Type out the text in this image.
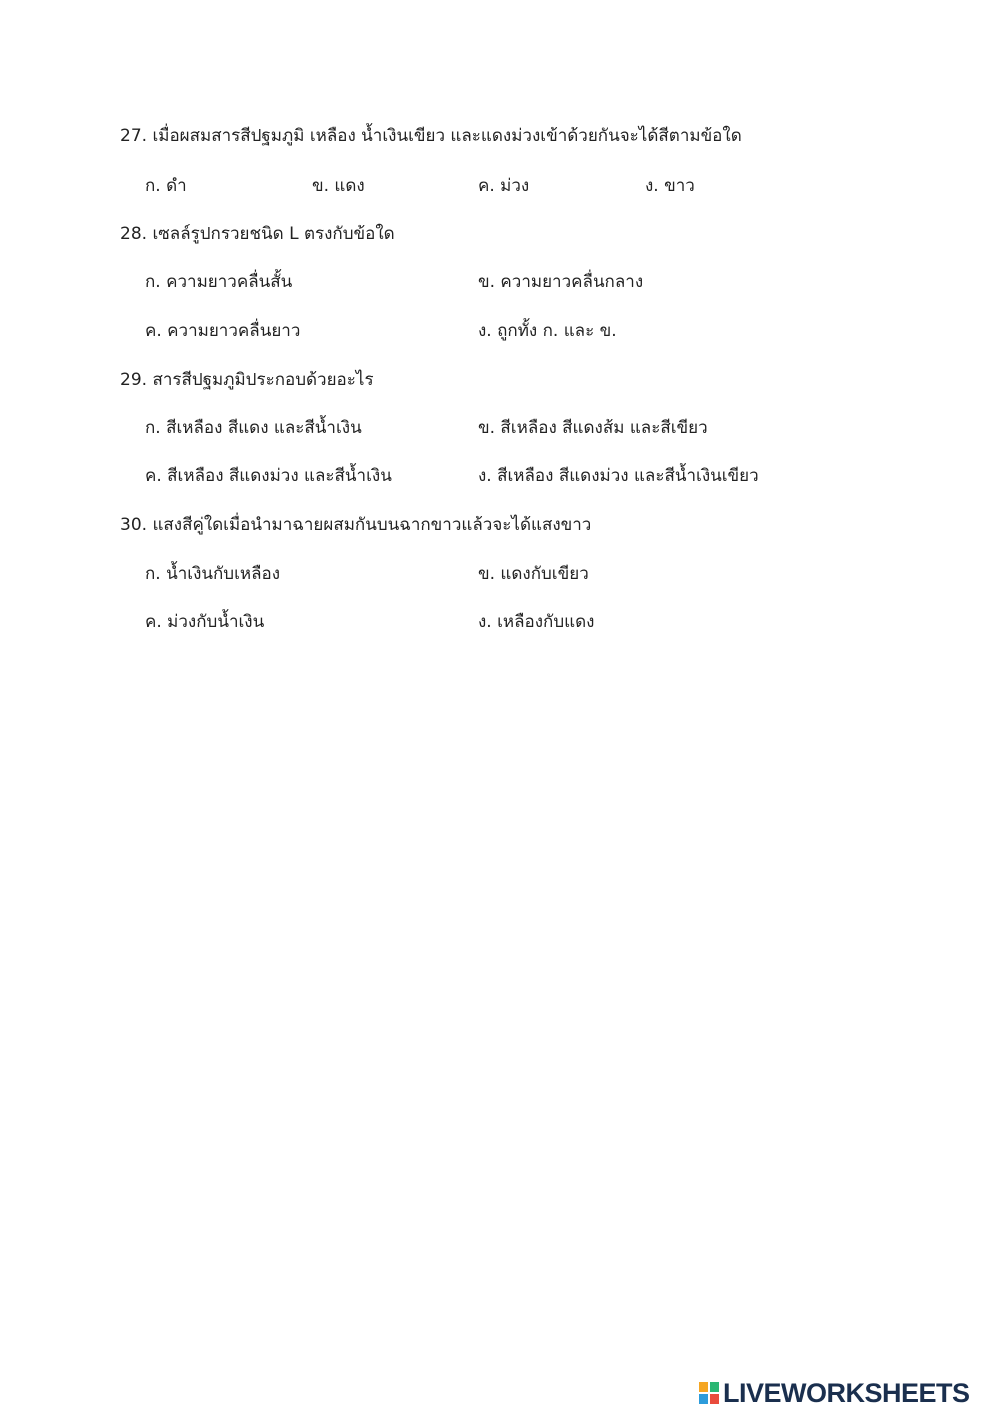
27. เมื่อผสมสารสีปฐมภูมิ เหลือง น้ำเงินเขียว และแดงม่วงเข้าด้วยกันจะได้สีตามข้อใด
ก. ดำ	ข. แดง	ค. ม่วง	ง. ขาว
28. เซลล์รูปกรวยชนิด L ตรงกับข้อใด
ก. ความยาวคลื่นสั้น	ข. ความยาวคลื่นกลาง
ค. ความยาวคลื่นยาว	ง. ถูกทั้ง ก. และ ข.
29. สารสีปฐมภูมิประกอบด้วยอะไร
ก. สีเหลือง สีแดง และสีน้ำเงิน	ข. สีเหลือง สีแดงส้ม และสีเขียว
ค. สีเหลือง สีแดงม่วง และสีน้ำเงิน	ง. สีเหลือง สีแดงม่วง และสีน้ำเงินเขียว
30. แสงสีคู่ใดเมื่อนำมาฉายผสมกันบนฉากขาวแล้วจะได้แสงขาว
ก. น้ำเงินกับเหลือง	ข. แดงกับเขียว
ค. ม่วงกับน้ำเงิน	ง. เหลืองกับแดง
LIVEWORKSHEETS
